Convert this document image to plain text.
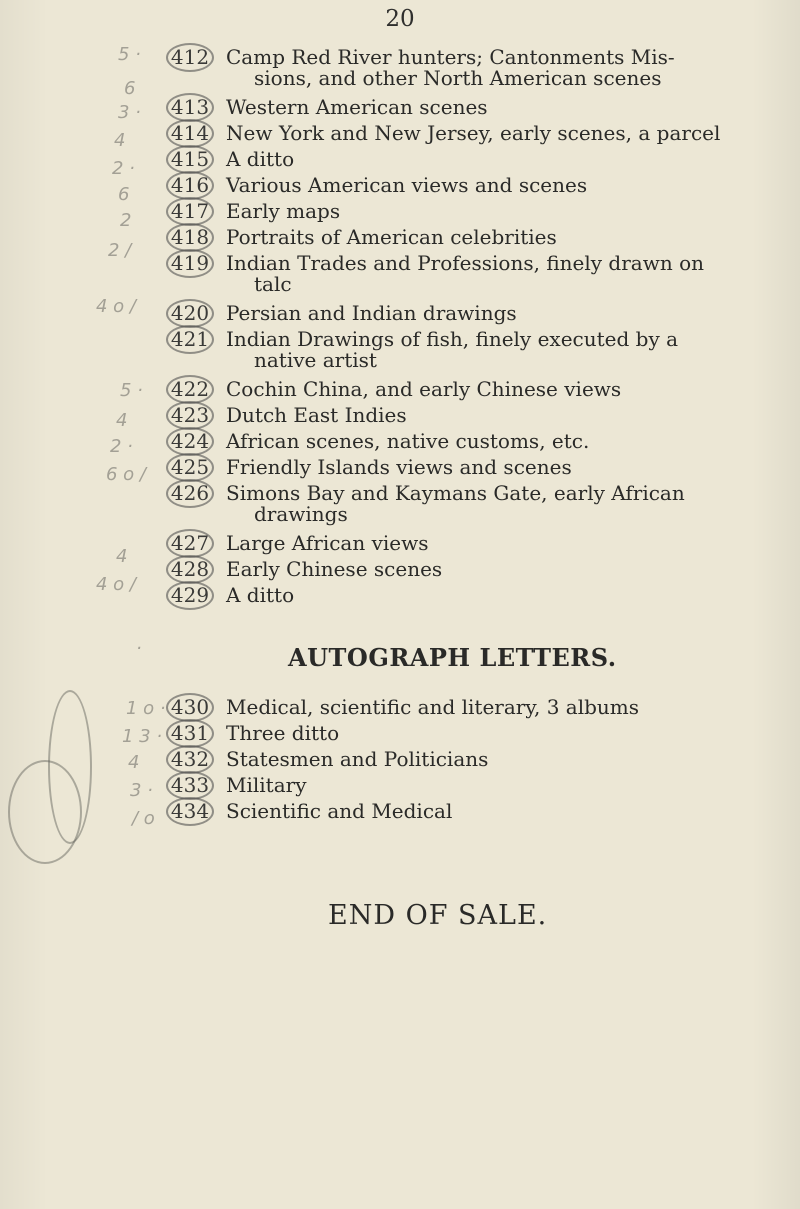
20
5 ·
6
3 ·
4
2 ·
6
2
2 /
4 o /
5 ·
4
2 ·
6 o /
4
4 o /
·
1 o ·
1 3 ·
4
3 ·
/ o
412 Camp Red River hunters; Cantonments Mis-
sions, and other North American scenes
413 Western American scenes
414 New York and New Jersey, early scenes, a parcel
415 A ditto
416 Various American views and scenes
417 Early maps
418 Portraits of American celebrities
419 Indian Trades and Professions, finely drawn on
talc
420 Persian and Indian drawings
421 Indian Drawings of fish, finely executed by a
native artist
422 Cochin China, and early Chinese views
423 Dutch East Indies
424 African scenes, native customs, etc.
425 Friendly Islands views and scenes
426 Simons Bay and Kaymans Gate, early African
drawings
427 Large African views
428 Early Chinese scenes
429 A ditto
AUTOGRAPH LETTERS.
430 Medical, scientific and literary, 3 albums
431 Three ditto
432 Statesmen and Politicians
433 Military
434 Scientific and Medical
END OF SALE.
